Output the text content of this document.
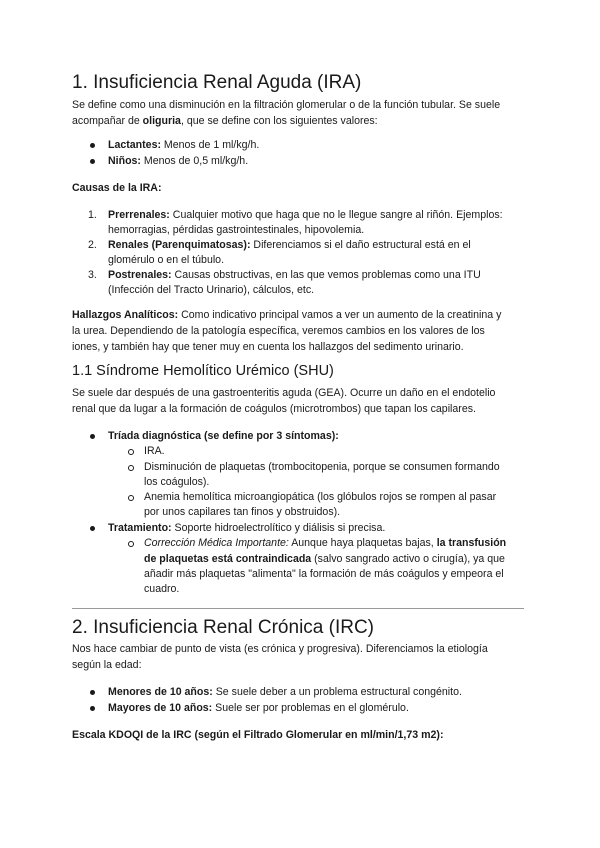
1. Insuficiencia Renal Aguda (IRA)
Se define como una disminución en la filtración glomerular o de la función tubular. Se suele
acompañar de oliguria, que se define con los siguientes valores:
Lactantes: Menos de 1 ml/kg/h.
Niños: Menos de 0,5 ml/kg/h.
Causas de la IRA:
1. Prerrenales: Cualquier motivo que haga que no le llegue sangre al riñón. Ejemplos:
hemorragias, pérdidas gastrointestinales, hipovolemia.
2. Renales (Parenquimatosas): Diferenciamos si el daño estructural está en el
glomérulo o en el túbulo.
3. Postrenales: Causas obstructivas, en las que vemos problemas como una ITU
(Infección del Tracto Urinario), cálculos, etc.
Hallazgos Analíticos: Como indicativo principal vamos a ver un aumento de la creatinina y
la urea. Dependiendo de la patología específica, veremos cambios en los valores de los
iones, y también hay que tener muy en cuenta los hallazgos del sedimento urinario.
1.1 Síndrome Hemolítico Urémico (SHU)
Se suele dar después de una gastroenteritis aguda (GEA). Ocurre un daño en el endotelio
renal que da lugar a la formación de coágulos (microtrombos) que tapan los capilares.
Tríada diagnóstica (se define por 3 síntomas):
IRA.
Disminución de plaquetas (trombocitopenia, porque se consumen formando
los coágulos).
Anemia hemolítica microangiopática (los glóbulos rojos se rompen al pasar
por unos capilares tan finos y obstruidos).
Tratamiento: Soporte hidroelectrolítico y diálisis si precisa.
Corrección Médica Importante: Aunque haya plaquetas bajas, la transfusión
de plaquetas está contraindicada (salvo sangrado activo o cirugía), ya que
añadir más plaquetas "alimenta" la formación de más coágulos y empeora el
cuadro.
2. Insuficiencia Renal Crónica (IRC)
Nos hace cambiar de punto de vista (es crónica y progresiva). Diferenciamos la etiología
según la edad:
Menores de 10 años: Se suele deber a un problema estructural congénito.
Mayores de 10 años: Suele ser por problemas en el glomérulo.
Escala KDOQI de la IRC (según el Filtrado Glomerular en ml/min/1,73 m2):
